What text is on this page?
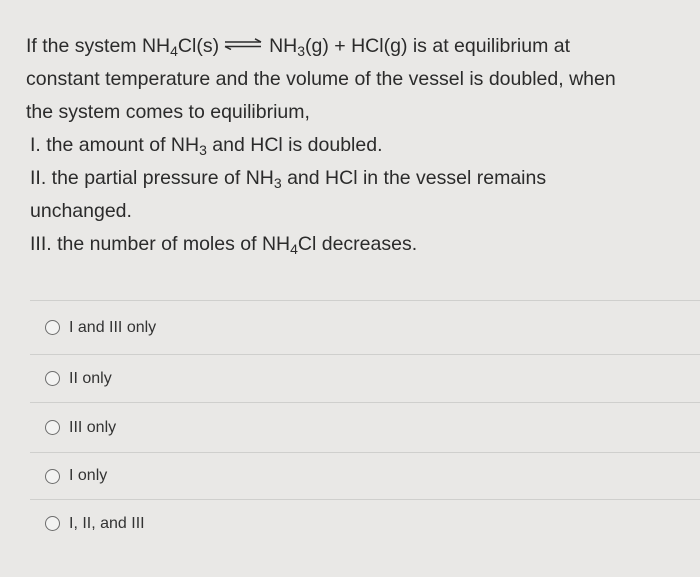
If the system $NH_4Cl(s)$ ⇌ $NH_3(g) + HCl(g)$ is at equilibrium at
constant temperature and the volume of the vessel is doubled, when
the system comes to equilibrium,
I. the amount of $NH_3$ and HCl is doubled.
II. the partial pressure of $NH_3$ and HCl in the vessel remains
unchanged.
III. the number of moles of $NH_4Cl$ decreases.
I and III only
II only
III only
I only
I, II, and III
